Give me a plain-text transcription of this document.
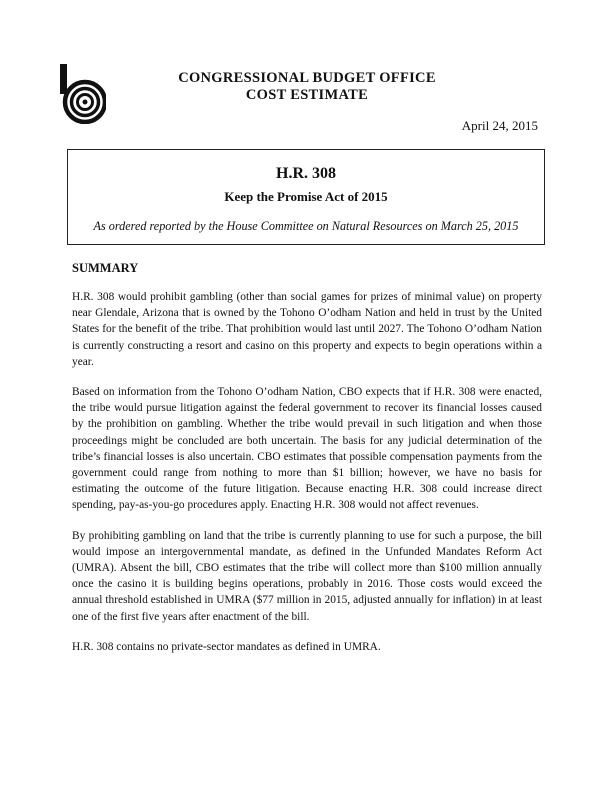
CONGRESSIONAL BUDGET OFFICE
COST ESTIMATE
April 24, 2015
H.R. 308
Keep the Promise Act of 2015
As ordered reported by the House Committee on Natural Resources on March 25, 2015
SUMMARY

H.R. 308 would prohibit gambling (other than social games for prizes of minimal value) on property near Glendale, Arizona that is owned by the Tohono O’odham Nation and held in trust by the United States for the benefit of the tribe. That prohibition would last until 2027. The Tohono O’odham Nation is currently constructing a resort and casino on this property and expects to begin operations within a year.

Based on information from the Tohono O’odham Nation, CBO expects that if H.R. 308 were enacted, the tribe would pursue litigation against the federal government to recover its financial losses caused by the prohibition on gambling. Whether the tribe would prevail in such litigation and when those proceedings might be concluded are both uncertain. The basis for any judicial determination of the tribe’s financial losses is also uncertain. CBO estimates that possible compensation payments from the government could range from nothing to more than $1 billion; however, we have no basis for estimating the outcome of the future litigation. Because enacting H.R. 308 could increase direct spending, pay-as-you-go procedures apply. Enacting H.R. 308 would not affect revenues.

By prohibiting gambling on land that the tribe is currently planning to use for such a purpose, the bill would impose an intergovernmental mandate, as defined in the Unfunded Mandates Reform Act (UMRA). Absent the bill, CBO estimates that the tribe will collect more than $100 million annually once the casino it is building begins operations, probably in 2016. Those costs would exceed the annual threshold established in UMRA ($77 million in 2015, adjusted annually for inflation) in at least one of the first five years after enactment of the bill.

H.R. 308 contains no private-sector mandates as defined in UMRA.
